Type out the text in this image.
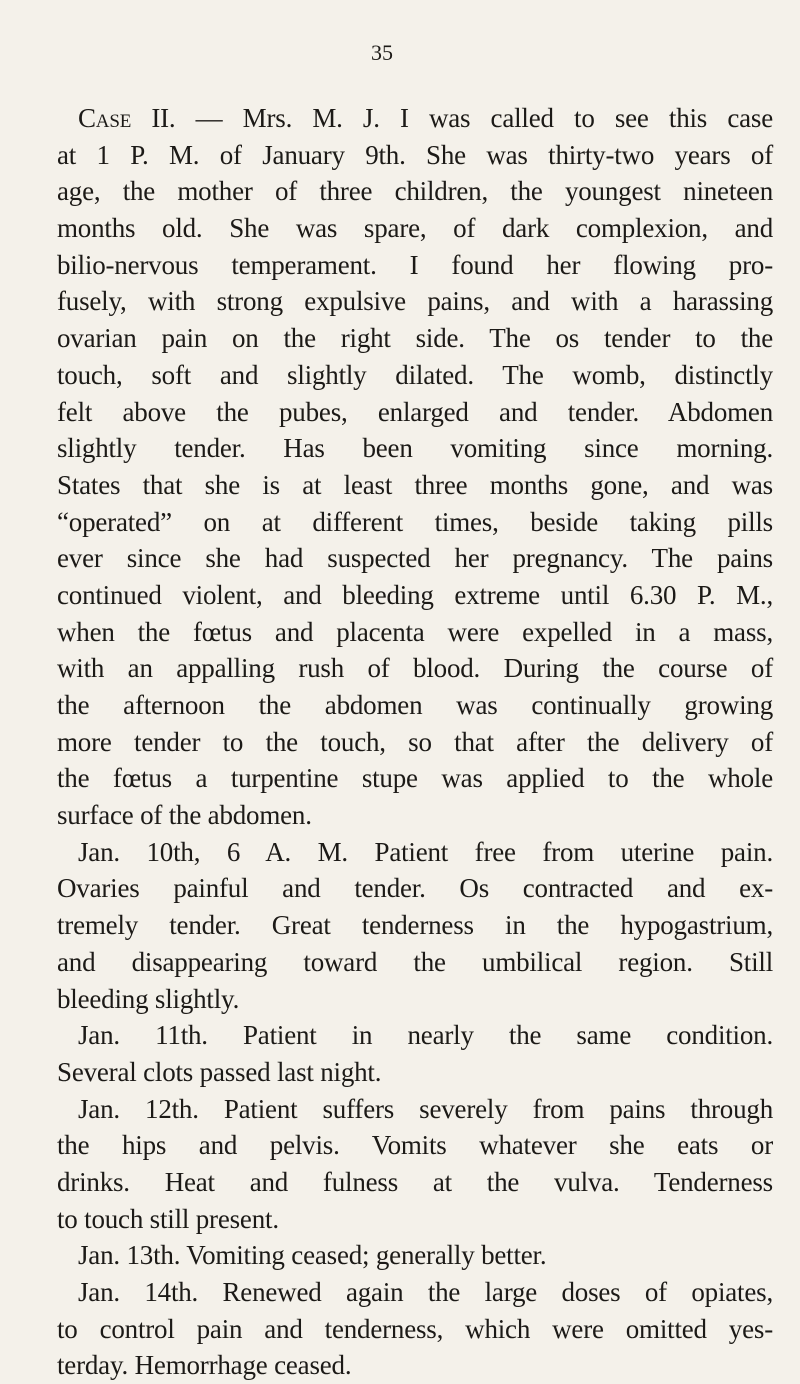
35
Case II. — Mrs. M. J. I was called to see this case
at 1 P. M. of January 9th. She was thirty-two years of
age, the mother of three children, the youngest nineteen
months old. She was spare, of dark complexion, and
bilio-nervous temperament. I found her flowing pro-
fusely, with strong expulsive pains, and with a harassing
ovarian pain on the right side. The os tender to the
touch, soft and slightly dilated. The womb, distinctly
felt above the pubes, enlarged and tender. Abdomen
slightly tender. Has been vomiting since morning.
States that she is at least three months gone, and was
“operated” on at different times, beside taking pills
ever since she had suspected her pregnancy. The pains
continued violent, and bleeding extreme until 6.30 P. M.,
when the fœtus and placenta were expelled in a mass,
with an appalling rush of blood. During the course of
the afternoon the abdomen was continually growing
more tender to the touch, so that after the delivery of
the fœtus a turpentine stupe was applied to the whole
surface of the abdomen.
Jan. 10th, 6 A. M. Patient free from uterine pain.
Ovaries painful and tender. Os contracted and ex-
tremely tender. Great tenderness in the hypogastrium,
and disappearing toward the umbilical region. Still
bleeding slightly.
Jan. 11th. Patient in nearly the same condition.
Several clots passed last night.
Jan. 12th. Patient suffers severely from pains through
the hips and pelvis. Vomits whatever she eats or
drinks. Heat and fulness at the vulva. Tenderness
to touch still present.
Jan. 13th. Vomiting ceased; generally better.
Jan. 14th. Renewed again the large doses of opiates,
to control pain and tenderness, which were omitted yes-
terday. Hemorrhage ceased.
